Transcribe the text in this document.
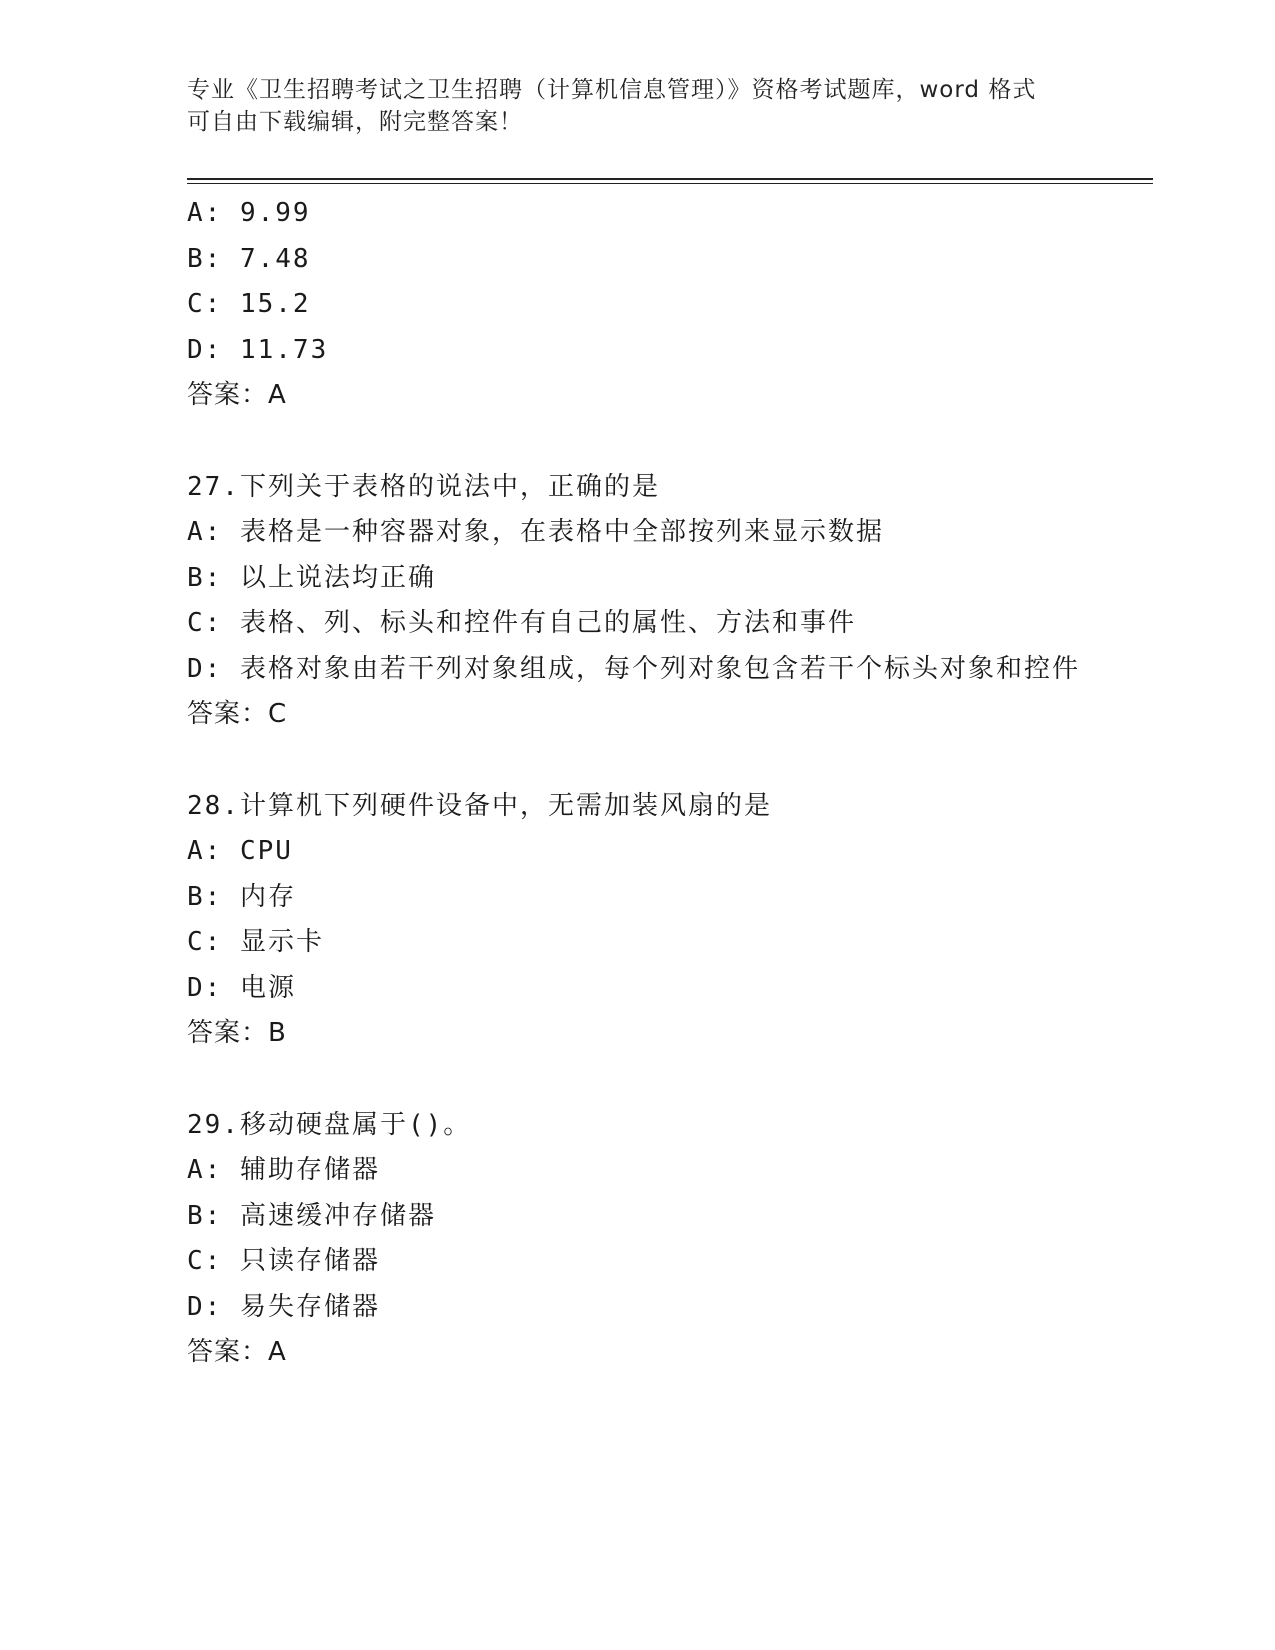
专业《卫生招聘考试之卫生招聘（计算机信息管理）》资格考试题库，word 格式
可自由下载编辑，附完整答案！
A: 9.99
B: 7.48
C: 15.2
D: 11.73
答案：A
27.下列关于表格的说法中，正确的是
A: 表格是一种容器对象，在表格中全部按列来显示数据
B: 以上说法均正确
C: 表格、列、标头和控件有自己的属性、方法和事件
D: 表格对象由若干列对象组成，每个列对象包含若干个标头对象和控件
答案：C
28.计算机下列硬件设备中，无需加装风扇的是
A: CPU
B: 内存
C: 显示卡
D: 电源
答案：B
29.移动硬盘属于()。
A: 辅助存储器
B: 高速缓冲存储器
C: 只读存储器
D: 易失存储器
答案：A
